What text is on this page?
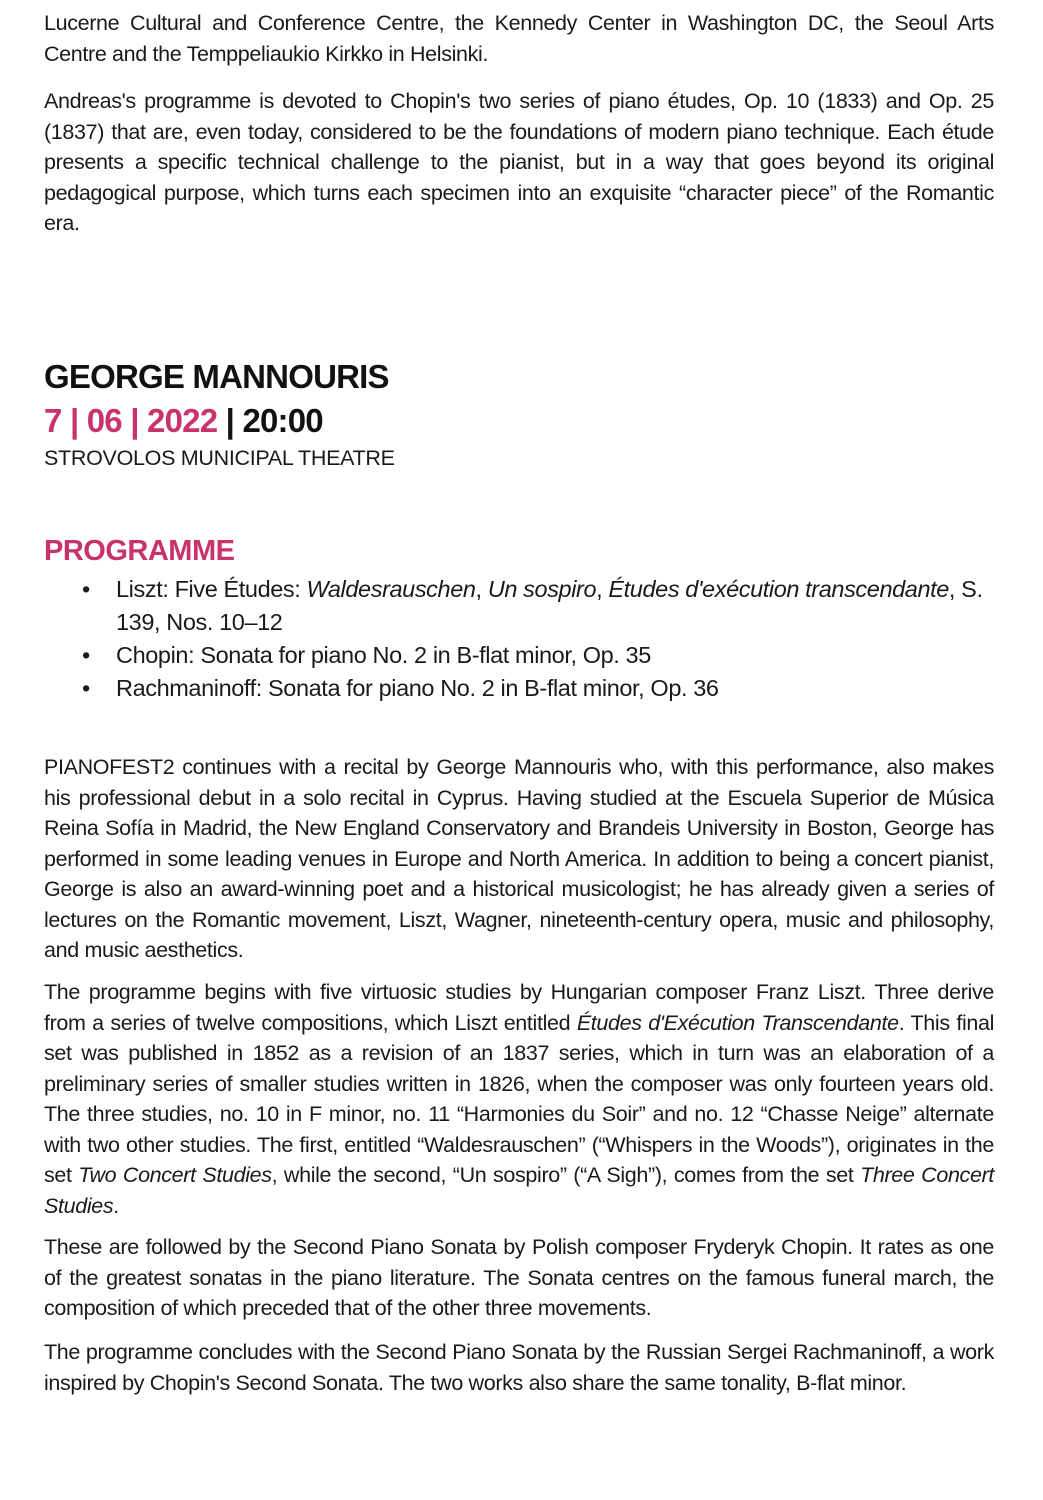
Lucerne Cultural and Conference Centre, the Kennedy Center in Washington DC, the Seoul Arts Centre and the Temppeliaukio Kirkko in Helsinki.

Andreas's programme is devoted to Chopin's two series of piano études, Op. 10 (1833) and Op. 25 (1837) that are, even today, considered to be the foundations of modern piano technique. Each étude presents a specific technical challenge to the pianist, but in a way that goes beyond its original pedagogical purpose, which turns each specimen into an exquisite “character piece” of the Romantic era.

GEORGE MANNOURIS
7 | 06 | 2022 | 20:00
STROVOLOS MUNICIPAL THEATRE
PROGRAMME
• Liszt: Five Études: Waldesrauschen, Un sospiro, Études d'exécution transcendante, S. 139, Nos. 10–12
• Chopin: Sonata for piano No. 2 in B-flat minor, Op. 35
• Rachmaninoff: Sonata for piano No. 2 in B-flat minor, Op. 36

PIANOFEST2 continues with a recital by George Mannouris who, with this performance, also makes his professional debut in a solo recital in Cyprus. Having studied at the Escuela Superior de Música Reina Sofía in Madrid, the New England Conservatory and Brandeis University in Boston, George has performed in some leading venues in Europe and North America. In addition to being a concert pianist, George is also an award-winning poet and a historical musicologist; he has already given a series of lectures on the Romantic movement, Liszt, Wagner, nineteenth-century opera, music and philosophy, and music aesthetics.

The programme begins with five virtuosic studies by Hungarian composer Franz Liszt. Three derive from a series of twelve compositions, which Liszt entitled Études d'Exécution Transcendante. This final set was published in 1852 as a revision of an 1837 series, which in turn was an elaboration of a preliminary series of smaller studies written in 1826, when the composer was only fourteen years old. The three studies, no. 10 in F minor, no. 11 “Harmonies du Soir” and no. 12 “Chasse Neige” alternate with two other studies. The first, entitled “Waldesrauschen” (“Whispers in the Woods”), originates in the set Two Concert Studies, while the second, “Un sospiro” (“A Sigh”), comes from the set Three Concert Studies.

These are followed by the Second Piano Sonata by Polish composer Fryderyk Chopin. It rates as one of the greatest sonatas in the piano literature. The Sonata centres on the famous funeral march, the composition of which preceded that of the other three movements.

The programme concludes with the Second Piano Sonata by the Russian Sergei Rachmaninoff, a work inspired by Chopin's Second Sonata. The two works also share the same tonality, B-flat minor.
